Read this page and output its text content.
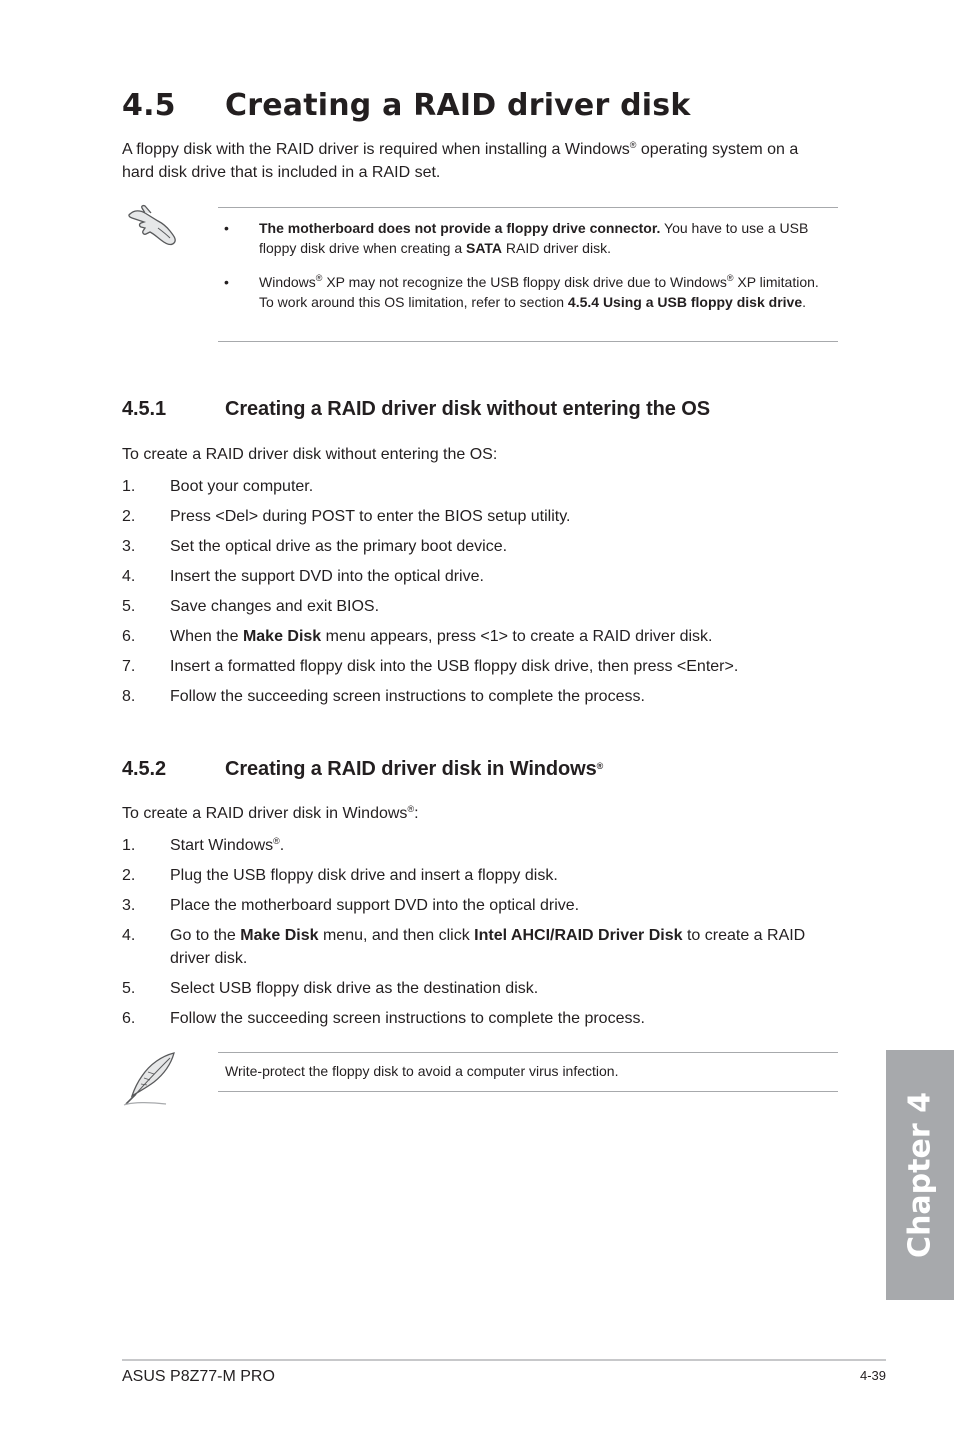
4.5 Creating a RAID driver disk
A floppy disk with the RAID driver is required when installing a Windows® operating system on a hard disk drive that is included in a RAID set.
• The motherboard does not provide a floppy drive connector. You have to use a USB floppy disk drive when creating a SATA RAID driver disk.
• Windows® XP may not recognize the USB floppy disk drive due to Windows® XP limitation. To work around this OS limitation, refer to section 4.5.4 Using a USB floppy disk drive.
4.5.1	Creating a RAID driver disk without entering the OS
To create a RAID driver disk without entering the OS:
1. Boot your computer.
2. Press <Del> during POST to enter the BIOS setup utility.
3. Set the optical drive as the primary boot device.
4. Insert the support DVD into the optical drive.
5. Save changes and exit BIOS.
6. When the Make Disk menu appears, press <1> to create a RAID driver disk.
7. Insert a formatted floppy disk into the USB floppy disk drive, then press <Enter>.
8. Follow the succeeding screen instructions to complete the process.
4.5.2	Creating a RAID driver disk in Windows®
To create a RAID driver disk in Windows®:
1. Start Windows®.
2. Plug the USB floppy disk drive and insert a floppy disk.
3. Place the motherboard support DVD into the optical drive.
4. Go to the Make Disk menu, and then click Intel AHCI/RAID Driver Disk to create a RAID driver disk.
5. Select USB floppy disk drive as the destination disk.
6. Follow the succeeding screen instructions to complete the process.
Write-protect the floppy disk to avoid a computer virus infection.
Chapter 4
ASUS P8Z77-M PRO	4-39
